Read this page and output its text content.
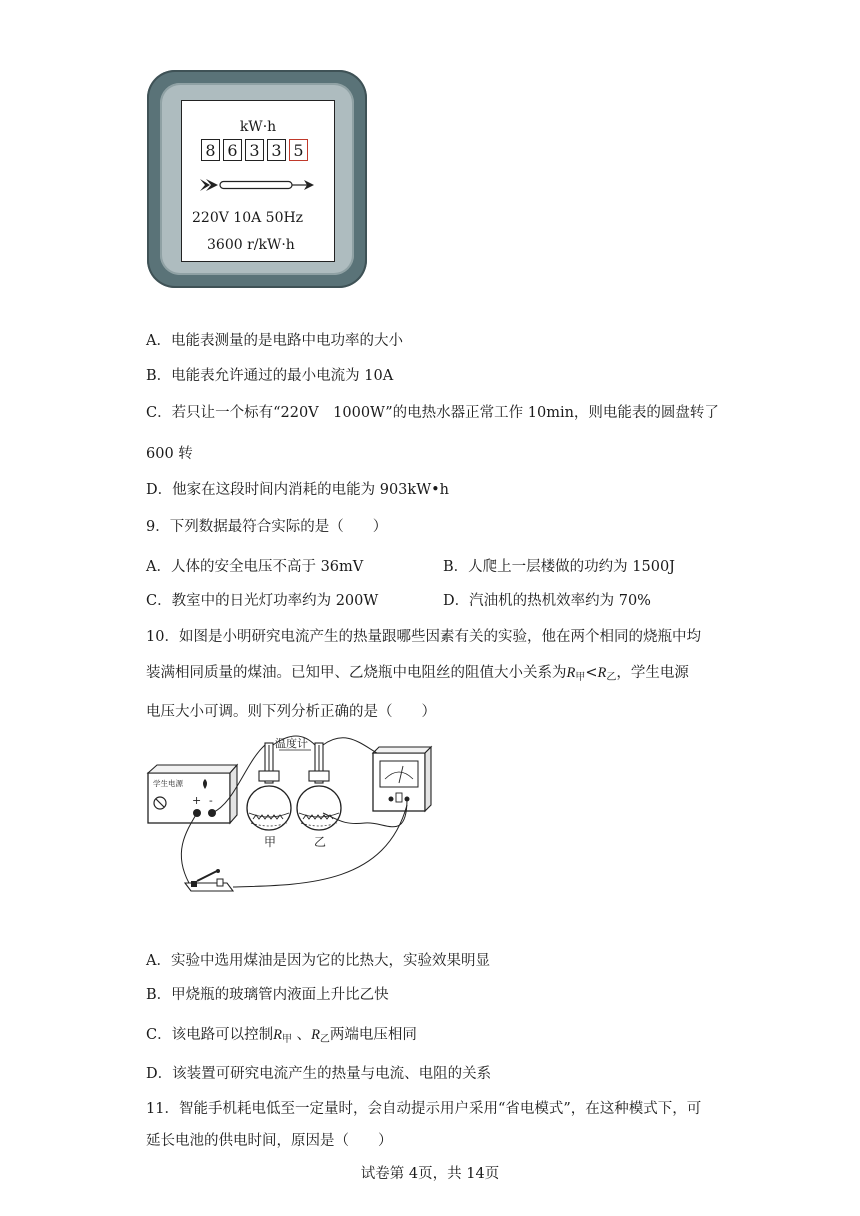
kW·h
8 6 3 3 5
220V 10A 50Hz
3600 r/kW·h
A．电能表测量的是电路中电功率的大小
B．电能表允许通过的最小电流为 10A
C．若只让一个标有“220V　1000W”的电热水器正常工作 10min，则电能表的圆盘转了
600 转
D．他家在这段时间内消耗的电能为 903kW•h
9．下列数据最符合实际的是（　　）
A．人体的安全电压不高于 36mV	B．人爬上一层楼做的功约为 1500J
C．教室中的日光灯功率约为 200W	D．汽油机的热机效率约为 70%
10．如图是小明研究电流产生的热量跟哪些因素有关的实验，他在两个相同的烧瓶中均
装满相同质量的煤油。已知甲、乙烧瓶中电阻丝的阻值大小关系为$R_甲<R_乙$，学生电源
电压大小可调。则下列分析正确的是（　　）
学生电源
+ -
温度计
甲	乙
A．实验中选用煤油是因为它的比热大，实验效果明显
B．甲烧瓶的玻璃管内液面上升比乙快
C．该电路可以控制$R_甲$ 、$R_乙$两端电压相同
D．该装置可研究电流产生的热量与电流、电阻的关系
11．智能手机耗电低至一定量时，会自动提示用户采用“省电模式”，在这种模式下，可
延长电池的供电时间，原因是（　　）
试卷第 4页，共 14页
